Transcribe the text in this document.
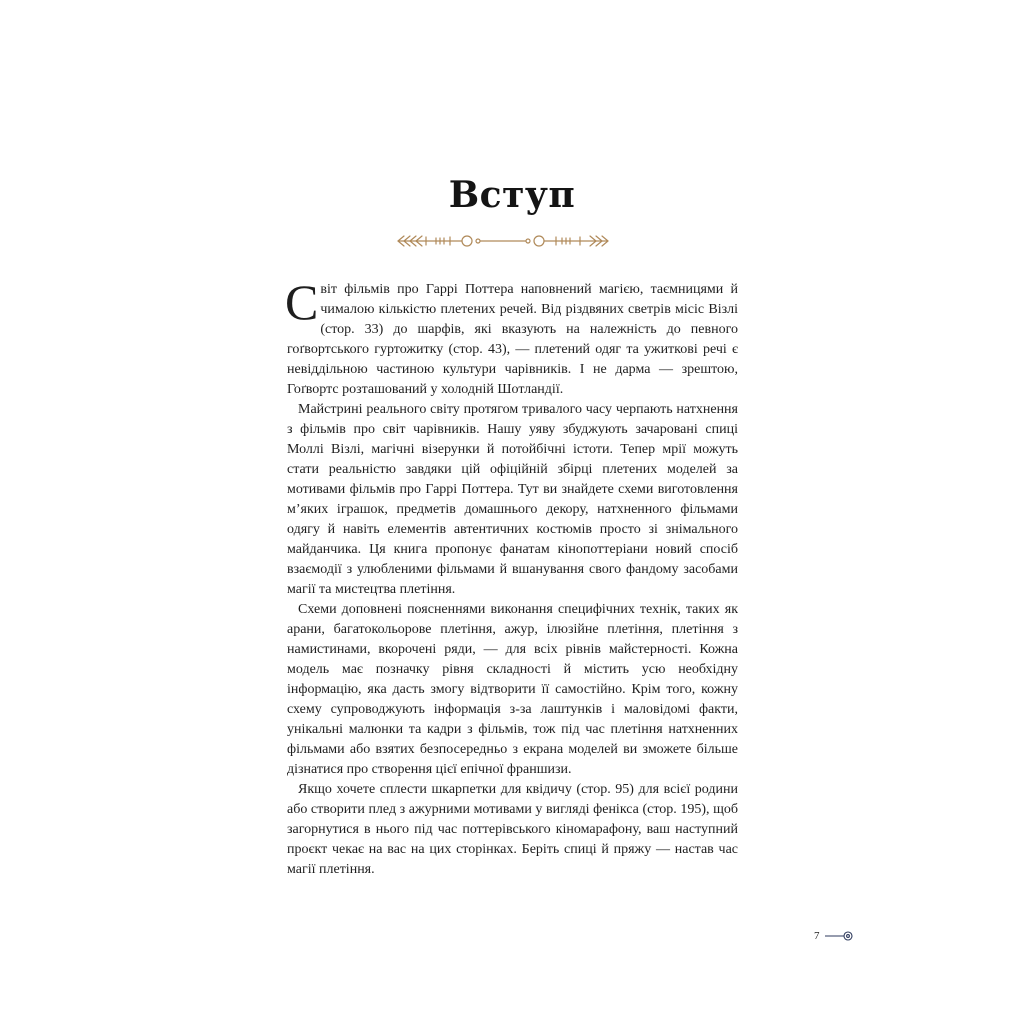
Вступ

Світ фільмів про Гаррі Поттера наповнений магією, таємницями й чималою кількістю плетених речей. Від різдвяних светрів місіс Візлі (стор. 33) до шарфів, які вказують на належність до певного гоґвортського гуртожитку (стор. 43), — плетений одяг та ужиткові речі є невіддільною частиною культури чарівників. І не дарма — зрештою, Гоґвортс розташований у холодній Шотландії.

Майстрині реального світу протягом тривалого часу черпають натхнення з фільмів про світ чарівників. Нашу уяву збуджують зачаровані спиці Моллі Візлі, магічні візерунки й потойбічні істоти. Тепер мрії можуть стати реальністю завдяки цій офіційній збірці плетених моделей за мотивами фільмів про Гаррі Поттера. Тут ви знайдете схеми виготовлення м’яких іграшок, предметів домашнього декору, натхненного фільмами одягу й навіть елементів автентичних костюмів просто зі знімального майданчика. Ця книга пропонує фанатам кінопоттеріани новий спосіб взаємодії з улюбленими фільмами й вшанування свого фандому засобами магії та мистецтва плетіння.

Схеми доповнені поясненнями виконання специфічних технік, таких як арани, багатокольорове плетіння, ажур, ілюзійне плетіння, плетіння з намистинами, вкорочені ряди, — для всіх рівнів майстерності. Кожна модель має позначку рівня складності й містить усю необхідну інформацію, яка дасть змогу відтворити її самостійно. Крім того, кожну схему супроводжують інформація з-за лаштунків і маловідомі факти, унікальні малюнки та кадри з фільмів, тож під час плетіння натхненних фільмами або взятих безпосередньо з екрана моделей ви зможете більше дізнатися про створення цієї епічної франшизи.

Якщо хочете сплести шкарпетки для квідичу (стор. 95) для всієї родини або створити плед з ажурними мотивами у вигляді фенікса (стор. 195), щоб загорнутися в нього під час поттерівського кіномарафону, ваш наступний проєкт чекає на вас на цих сторінках. Беріть спиці й пряжу — настав час магії плетіння.

7
